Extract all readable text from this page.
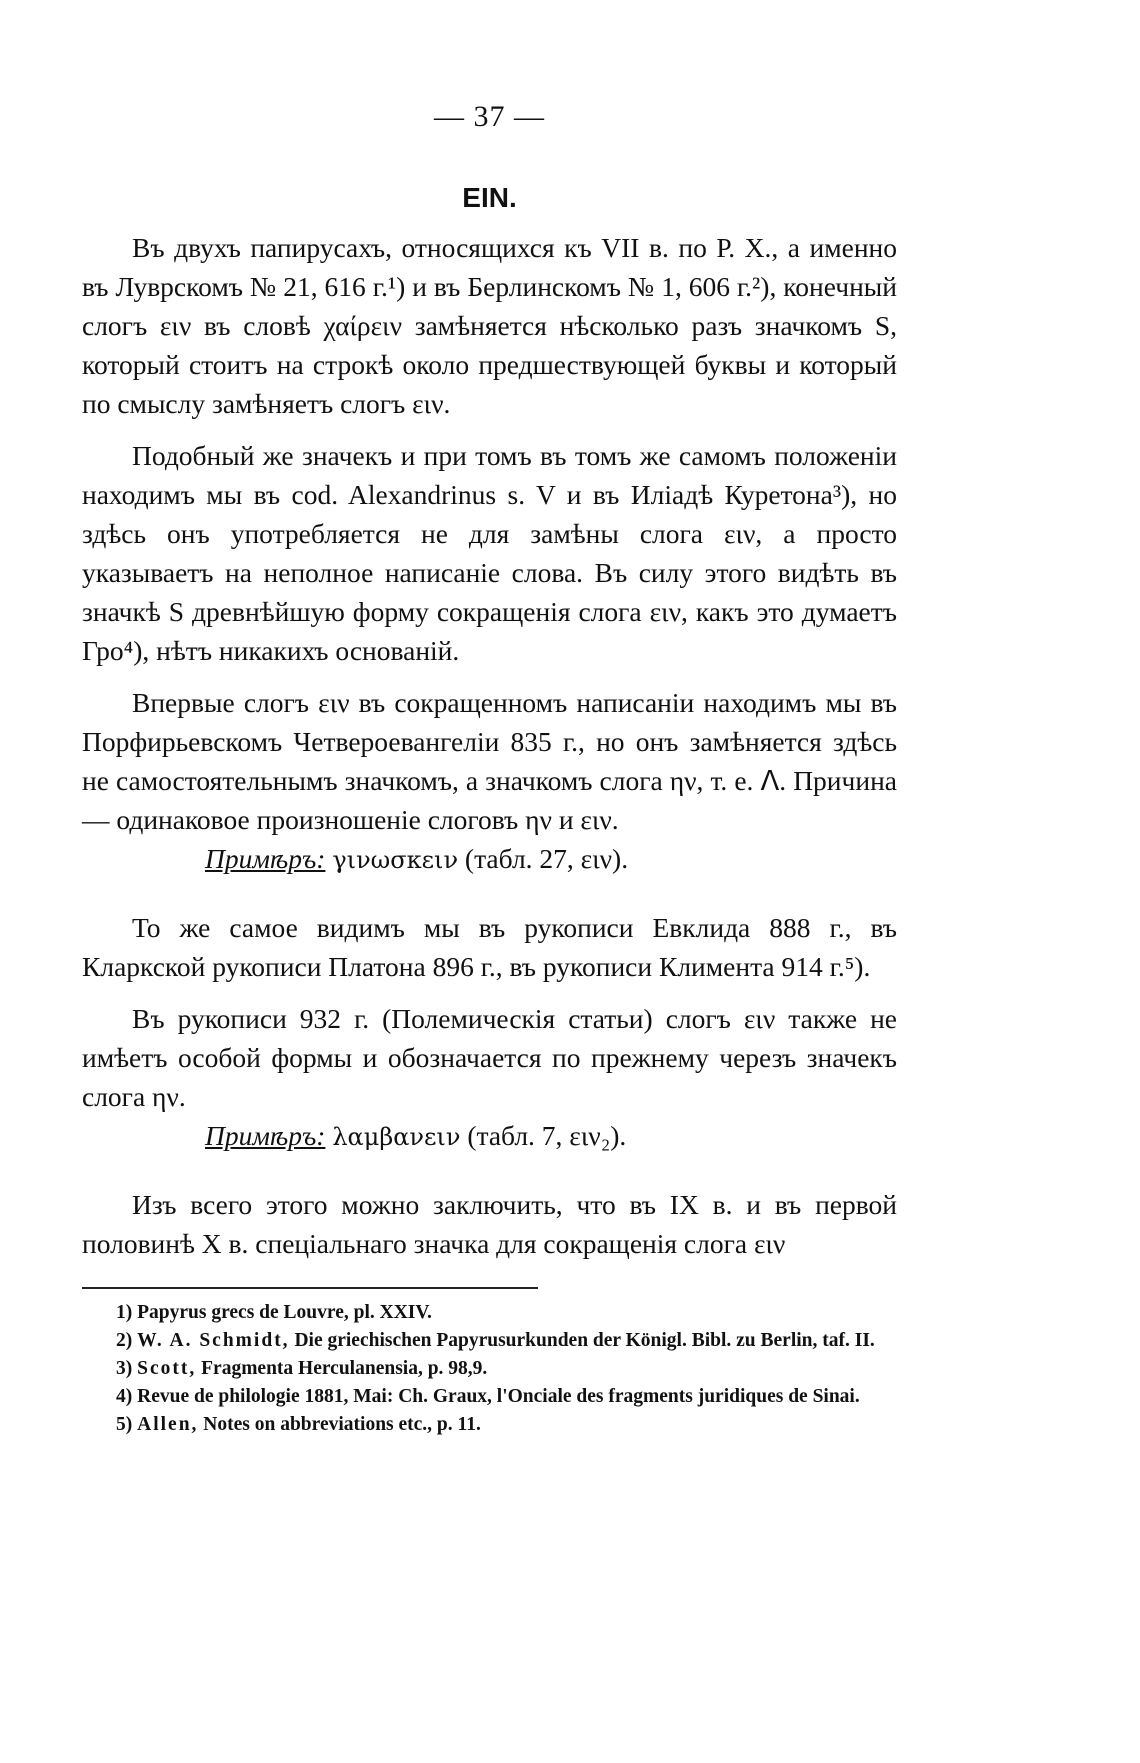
— 37 —
EIN.

Въ двухъ папирусахъ, относящихся къ VII в. по Р. Х., а именно въ Луврскомъ № 21, 616 г.¹) и въ Берлинскомъ № 1, 606 г.²), конечный слогъ ειν въ словѣ χαίρειν замѣняется нѣсколько разъ значкомъ S, который стоитъ на строкѣ около предшествующей буквы и который по смыслу замѣняетъ слогъ ειν.

Подобный же значекъ и при томъ въ томъ же самомъ положеніи находимъ мы въ cod. Alexandrinus s. V и въ Иліадѣ Куретона³), но здѣсь онъ употребляется не для замѣны слога ειν, а просто указываетъ на неполное написаніе слова. Въ силу этого видѣть въ значкѣ S древнѣйшую форму сокращенія слога ειν, какъ это думаетъ Гро⁴), нѣтъ никакихъ основаній.

Впервые слогъ ειν въ сокращенномъ написаніи находимъ мы въ Порфирьевскомъ Четвероевангеліи 835 г., но онъ замѣняется здѣсь не самостоятельнымъ значкомъ, а значкомъ слога ην, т. е. ᐱ. Причина — одинаковое произношеніе слоговъ ην и ειν.

Примѣръ: γινωσκειν (табл. 27, ειν).

То же самое видимъ мы въ рукописи Евклида 888 г., въ Кларкской рукописи Платона 896 г., въ рукописи Климента 914 г.⁵).

Въ рукописи 932 г. (Полемическія статьи) слогъ ειν также не имѣетъ особой формы и обозначается по прежнему черезъ значекъ слога ην.

Примѣръ: λαμβανειν (табл. 7, ειν₂).

Изъ всего этого можно заключить, что въ IX в. и въ первой половинѣ X в. спеціальнаго значка для сокращенія слога ειν

1) Papyrus grecs de Louvre, pl. XXIV.

2) W. A. Schmidt, Die griechischen Papyrusurkunden der Königl. Bibl. zu Berlin, taf. II.

3) Scott, Fragmenta Herculanensia, p. 98,9.

4) Revue de philologie 1881, Mai: Ch. Graux, l'Onciale des fragments juridiques de Sinai.

5) Allen, Notes on abbreviations etc., p. 11.
